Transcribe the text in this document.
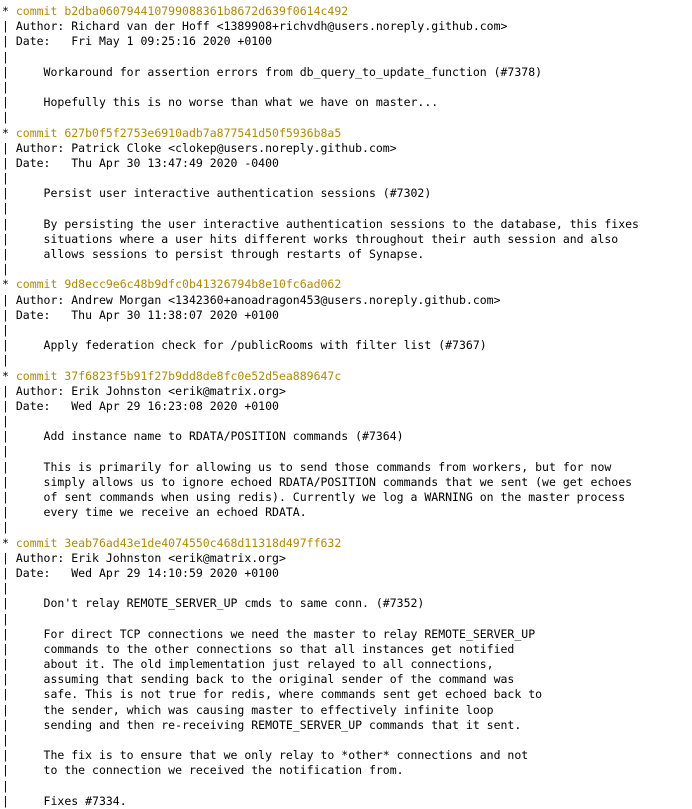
* commit b2dba060794410799088361b8672d639f0614c492
| Author: Richard van der Hoff <1389908+richvdh@users.noreply.github.com>
| Date:   Fri May 1 09:25:16 2020 +0100
|
|     Workaround for assertion errors from db_query_to_update_function (#7378)
|
|     Hopefully this is no worse than what we have on master...
|
* commit 627b0f5f2753e6910adb7a877541d50f5936b8a5
| Author: Patrick Cloke <clokep@users.noreply.github.com>
| Date:   Thu Apr 30 13:47:49 2020 -0400
|
|     Persist user interactive authentication sessions (#7302)
|
|     By persisting the user interactive authentication sessions to the database, this fixes
|     situations where a user hits different works throughout their auth session and also
|     allows sessions to persist through restarts of Synapse.
|
* commit 9d8ecc9e6c48b9dfc0b41326794b8e10fc6ad062
| Author: Andrew Morgan <1342360+anoadragon453@users.noreply.github.com>
| Date:   Thu Apr 30 11:38:07 2020 +0100
|
|     Apply federation check for /publicRooms with filter list (#7367)
|
* commit 37f6823f5b91f27b9dd8de8fc0e52d5ea889647c
| Author: Erik Johnston <erik@matrix.org>
| Date:   Wed Apr 29 16:23:08 2020 +0100
|
|     Add instance name to RDATA/POSITION commands (#7364)
|
|     This is primarily for allowing us to send those commands from workers, but for now
|     simply allows us to ignore echoed RDATA/POSITION commands that we sent (we get echoes
|     of sent commands when using redis). Currently we log a WARNING on the master process
|     every time we receive an echoed RDATA.
|
* commit 3eab76ad43e1de4074550c468d11318d497ff632
| Author: Erik Johnston <erik@matrix.org>
| Date:   Wed Apr 29 14:10:59 2020 +0100
|
|     Don't relay REMOTE_SERVER_UP cmds to same conn. (#7352)
|
|     For direct TCP connections we need the master to relay REMOTE_SERVER_UP
|     commands to the other connections so that all instances get notified
|     about it. The old implementation just relayed to all connections,
|     assuming that sending back to the original sender of the command was
|     safe. This is not true for redis, where commands sent get echoed back to
|     the sender, which was causing master to effectively infinite loop
|     sending and then re-receiving REMOTE_SERVER_UP commands that it sent.
|
|     The fix is to ensure that we only relay to *other* connections and not
|     to the connection we received the notification from.
|
|     Fixes #7334.
